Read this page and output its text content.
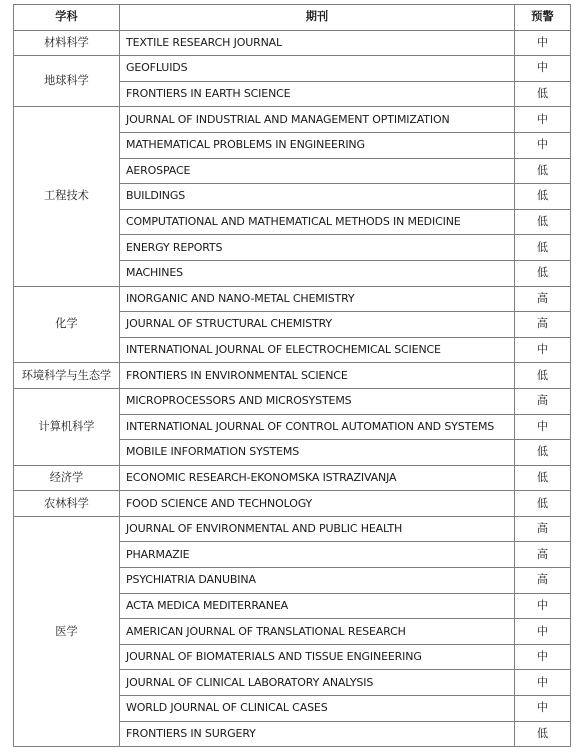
学科	期刊	预警
材料科学	TEXTILE RESEARCH JOURNAL	中
地球科学	GEOFLUIDS	中
	FRONTIERS IN EARTH SCIENCE	低
工程技术	JOURNAL OF INDUSTRIAL AND MANAGEMENT OPTIMIZATION	中
	MATHEMATICAL PROBLEMS IN ENGINEERING	中
	AEROSPACE	低
	BUILDINGS	低
	COMPUTATIONAL AND MATHEMATICAL METHODS IN MEDICINE	低
	ENERGY REPORTS	低
	MACHINES	低
化学	INORGANIC AND NANO-METAL CHEMISTRY	高
	JOURNAL OF STRUCTURAL CHEMISTRY	高
	INTERNATIONAL JOURNAL OF ELECTROCHEMICAL SCIENCE	中
环境科学与生态学	FRONTIERS IN ENVIRONMENTAL SCIENCE	低
计算机科学	MICROPROCESSORS AND MICROSYSTEMS	高
	INTERNATIONAL JOURNAL OF CONTROL AUTOMATION AND SYSTEMS	中
	MOBILE INFORMATION SYSTEMS	低
经济学	ECONOMIC RESEARCH-EKONOMSKA ISTRAZIVANJA	低
农林科学	FOOD SCIENCE AND TECHNOLOGY	低
医学	JOURNAL OF ENVIRONMENTAL AND PUBLIC HEALTH	高
	PHARMAZIE	高
	PSYCHIATRIA DANUBINA	高
	ACTA MEDICA MEDITERRANEA	中
	AMERICAN JOURNAL OF TRANSLATIONAL RESEARCH	中
	JOURNAL OF BIOMATERIALS AND TISSUE ENGINEERING	中
	JOURNAL OF CLINICAL LABORATORY ANALYSIS	中
	WORLD JOURNAL OF CLINICAL CASES	中
	FRONTIERS IN SURGERY	低
